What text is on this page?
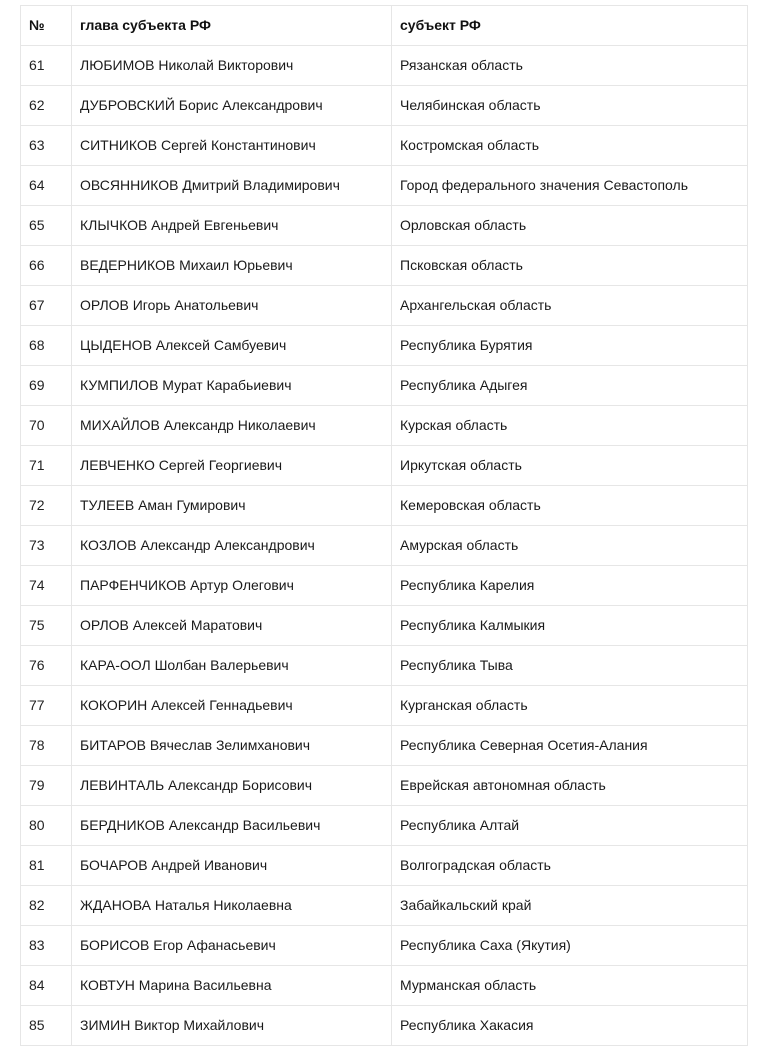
№	глава субъекта РФ	субъект РФ
61	ЛЮБИМОВ Николай Викторович	Рязанская область
62	ДУБРОВСКИЙ Борис Александрович	Челябинская область
63	СИТНИКОВ Сергей Константинович	Костромская область
64	ОВСЯННИКОВ Дмитрий Владимирович	Город федерального значения Севастополь
65	КЛЫЧКОВ Андрей Евгеньевич	Орловская область
66	ВЕДЕРНИКОВ Михаил Юрьевич	Псковская область
67	ОРЛОВ Игорь Анатольевич	Архангельская область
68	ЦЫДЕНОВ Алексей Самбуевич	Республика Бурятия
69	КУМПИЛОВ Мурат Карабьиевич	Республика Адыгея
70	МИХАЙЛОВ Александр Николаевич	Курская область
71	ЛЕВЧЕНКО Сергей Георгиевич	Иркутская область
72	ТУЛЕЕВ Аман Гумирович	Кемеровская область
73	КОЗЛОВ Александр Александрович	Амурская область
74	ПАРФЕНЧИКОВ Артур Олегович	Республика Карелия
75	ОРЛОВ Алексей Маратович	Республика Калмыкия
76	КАРА-ООЛ Шолбан Валерьевич	Республика Тыва
77	КОКОРИН Алексей Геннадьевич	Курганская область
78	БИТАРОВ Вячеслав Зелимханович	Республика Северная Осетия-Алания
79	ЛЕВИНТАЛЬ Александр Борисович	Еврейская автономная область
80	БЕРДНИКОВ Александр Васильевич	Республика Алтай
81	БОЧАРОВ Андрей Иванович	Волгоградская область
82	ЖДАНОВА Наталья Николаевна	Забайкальский край
83	БОРИСОВ Егор Афанасьевич	Республика Саха (Якутия)
84	КОВТУН Марина Васильевна	Мурманская область
85	ЗИМИН Виктор Михайлович	Республика Хакасия
